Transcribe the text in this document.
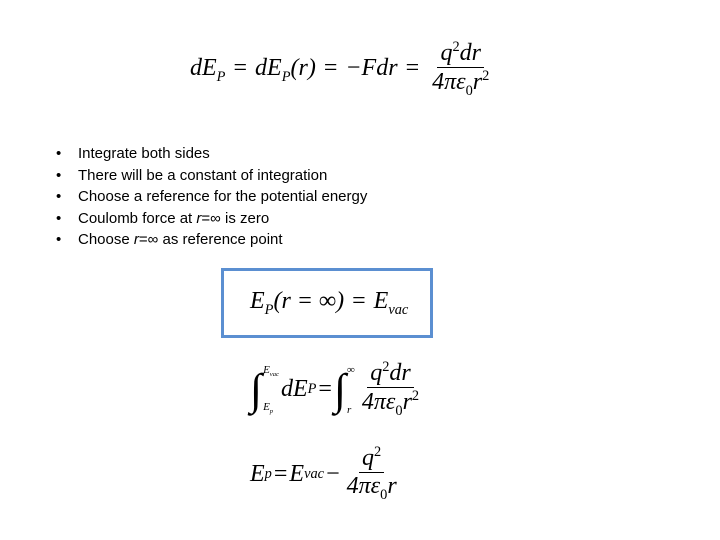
$dE_P = dE_P(r) = -Fdr = \frac{q^2dr}{4\pi\varepsilon_0r^2}$
• Integrate both sides
• There will be a constant of integration
• Choose a reference for the potential energy
• Coulomb force at r=∞ is zero
• Choose r=∞ as reference point
$E_P(r$ = ∞) = $E_{vac}$
∫ $E_{vac}$
$E_p$
dE P = ∫ ∞
r $\frac{q^2dr}{4\pi\varepsilon_0r^2}$
E p = E vac − $\frac{q^2}{4\pi\varepsilon_0r}$
